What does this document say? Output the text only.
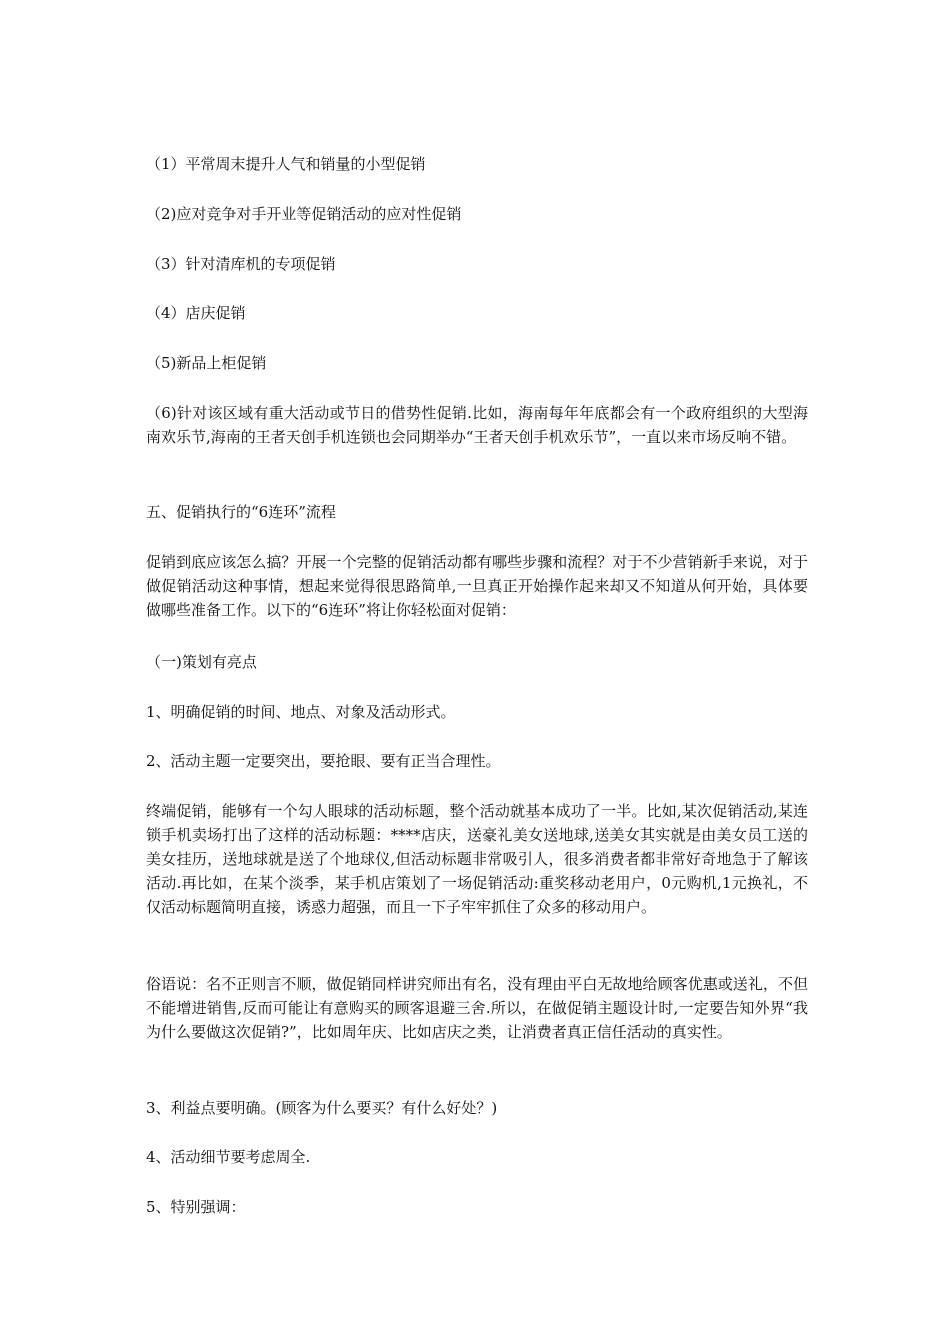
（1）平常周末提升人气和销量的小型促销

（2)应对竞争对手开业等促销活动的应对性促销

（3）针对清库机的专项促销

（4）店庆促销

（5)新品上柜促销

（6)针对该区域有重大活动或节日的借势性促销.比如，海南每年年底都会有一个政府组织的大型海南欢乐节,海南的王者天创手机连锁也会同期举办“王者天创手机欢乐节”，一直以来市场反响不错。

五、促销执行的“6连环”流程

促销到底应该怎么搞？开展一个完整的促销活动都有哪些步骤和流程？对于不少营销新手来说，对于做促销活动这种事情，想起来觉得很思路简单,一旦真正开始操作起来却又不知道从何开始，具体要做哪些准备工作。以下的“6连环”将让你轻松面对促销：

（一)策划有亮点

1、明确促销的时间、地点、对象及活动形式。

2、活动主题一定要突出，要抢眼、要有正当合理性。

终端促销，能够有一个勾人眼球的活动标题，整个活动就基本成功了一半。比如,某次促销活动,某连锁手机卖场打出了这样的活动标题：****店庆，送豪礼美女送地球,送美女其实就是由美女员工送的美女挂历，送地球就是送了个地球仪,但活动标题非常吸引人，很多消费者都非常好奇地急于了解该活动.再比如，在某个淡季，某手机店策划了一场促销活动:重奖移动老用户，0元购机,1元换礼，不仅活动标题简明直接，诱惑力超强，而且一下子牢牢抓住了众多的移动用户。

俗语说：名不正则言不顺，做促销同样讲究师出有名，没有理由平白无故地给顾客优惠或送礼，不但不能增进销售,反而可能让有意购买的顾客退避三舍.所以，在做促销主题设计时,一定要告知外界“我为什么要做这次促销?”，比如周年庆、比如店庆之类，让消费者真正信任活动的真实性。

3、利益点要明确。(顾客为什么要买？有什么好处？)

4、活动细节要考虑周全.

5、特别强调：
